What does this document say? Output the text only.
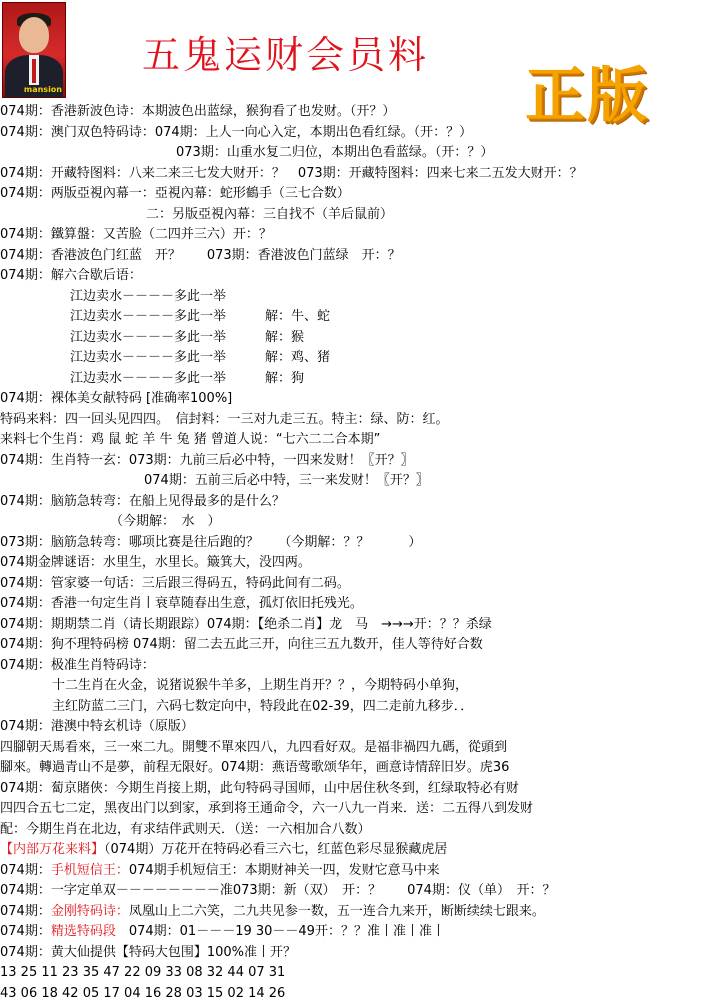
mansion
五鬼运财会员料
正版
074期：香港新波色诗：本期波色出蓝绿，猴狗看了也发财。（开？）
074期：澳门双色特码诗：074期：上人一向心入定，本期出色看红绿。（开：？）
073期：山重水复二归位，本期出色看蓝绿。（开：？）
074期：开藏特图料：八来二来三七发大财开：？　073期：开藏特图料：四来七来二五发大财开：？
074期：两版亞視內幕一：亞視內幕：蛇形鶴手（三七合数）
二：另版亞視內幕：三自找不（羊后鼠前）
074期：鐵算盤：又苦脸（二四并三六）开：？
074期：香港波色门红蓝　开？　　073期：香港波色门蓝绿　开：？
074期：解六合歇后语：
江边卖水－－－－多此一举
江边卖水－－－－多此一举　　　解：牛、蛇
江边卖水－－－－多此一举　　　解：猴
江边卖水－－－－多此一举　　　解：鸡、猪
江边卖水－－－－多此一举　　　解：狗
074期：裸体美女献特码 [准确率100%]
特码来料：四一回头见四四。　信封料：一三对九走三五。特主：绿、防：红。
来料七个生肖：鸡 鼠 蛇 羊 牛 兔 猪 曾道人说：“七六二二合本期”
074期：生肖特一玄：073期：九前三后必中特，一四来发财！〖开？〗
074期：五前三后必中特，三一来发财！〖开？〗
074期：脑筋急转弯：在船上见得最多的是什么？
（今期解：　水　）
073期：脑筋急转弯：哪项比赛是往后跑的？　　（今期解：？？　　　）
074期金牌谜语：水里生，水里长。簸箕大，没四两。
074期：管家婆一句话：三后跟三得码五，特码此间有二码。
074期：香港一句定生肖丨衰草随春出生意，孤灯依旧托残光。
074期：期期禁二肖（请长期跟踪）074期：【绝杀二肖】龙　马　→→→开：？？杀绿
074期：狗不理特码榜 074期：留二去五此三开，向往三五九数开，佳人等待好合数
074期：极准生肖特码诗：
十二生肖在火金，说猪说猴牛羊多，上期生肖开？？，今期特码小单狗，
主红防蓝二三门，六码七数定向中，特段此在02-39，四二走前九移步．．
074期：港澳中特玄机诗（原版）
四腳朝天馬看來，三一來二九。開雙不單來四八，九四看好双。是福非禍四九碼，從頭到
腳來。轉過青山不是夢，前程无限好。074期：燕语莺歌颂华年，画意诗情辞旧岁。虎36
074期：蔔京賭俠：今期生肖接上期，此句特码寻国师，山中居住秋冬到，红绿取特必有财
四四合五七二定，黑夜出门以到家，承到将王通命令，六一八九一肖来．送：二五得八到发财
配：今期生肖在北边，有求结伴武则天．（送：一六相加合八数）
【内部万花来料】（074期）万花开在特码必看三六七，红蓝色彩尽显猴藏虎居
074期：手机短信王：074期手机短信王：本期财神关一四，发财它意马中来
074期：一字定单双－－－－－－－－准073期：新（双）　开：？　　074期：仪（单）　开：？
074期：金刚特码诗：凤凰山上二六笑，二九共见参一数，五一连合九来开，断断续续七跟来。
074期：精选特码段　074期：01－－－19 30－－49开：？？准丨准丨准丨
074期：黄大仙提供【特码大包围】100%准丨开？
13 25 11 23 35 47 22 09 33 08 32 44 07 31
43 06 18 42 05 17 04 16 28 03 15 02 14 26
